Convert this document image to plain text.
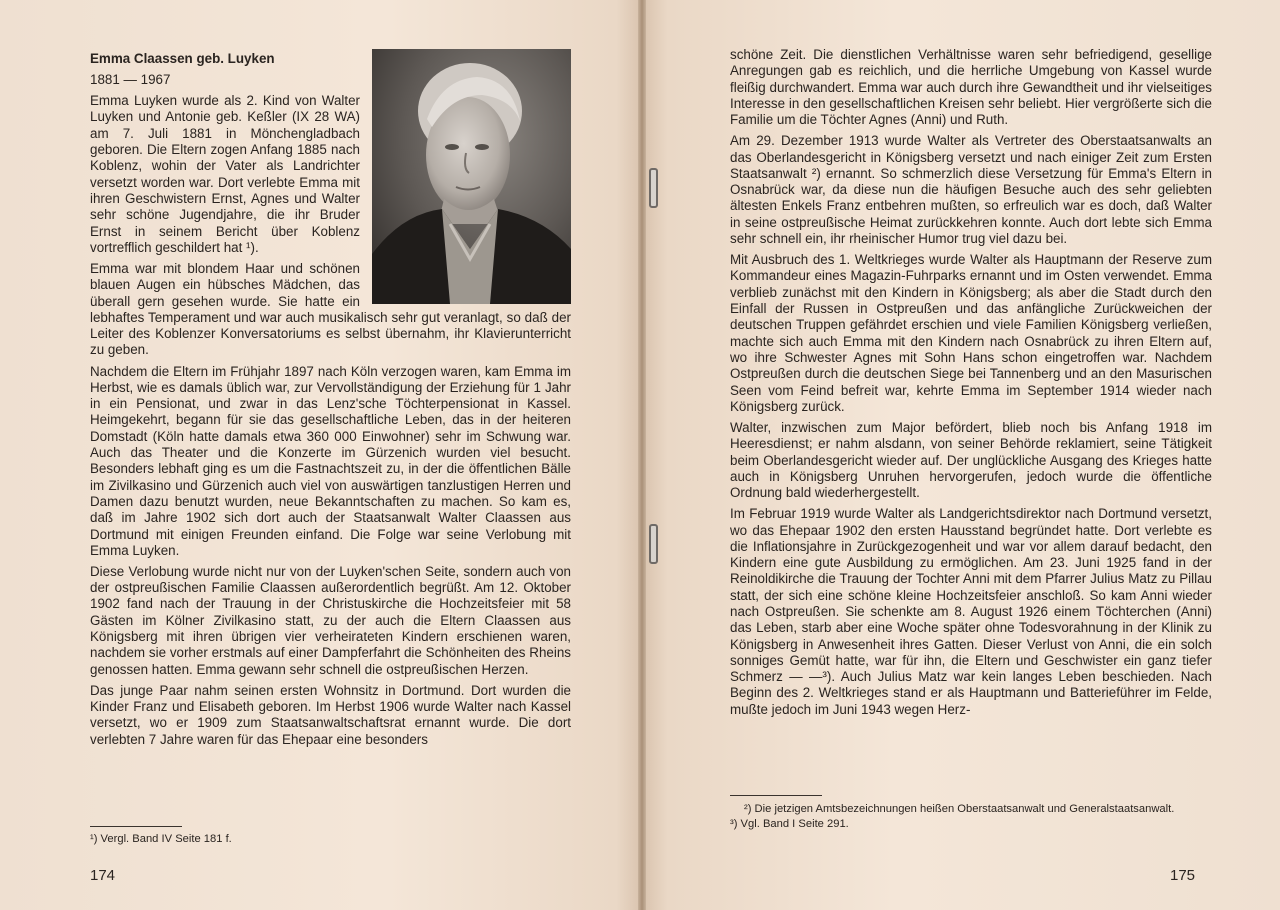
Emma Claassen geb. Luyken

1881 — 1967

Emma Luyken wurde als 2. Kind von Walter Luyken und Antonie geb. Keßler (IX 28 WA) am 7. Juli 1881 in Mönchengladbach geboren. Die Eltern zogen Anfang 1885 nach Koblenz, wohin der Vater als Landrichter versetzt worden war. Dort verlebte Emma mit ihren Geschwistern Ernst, Agnes und Walter sehr schöne Jugendjahre, die ihr Bruder Ernst in seinem Bericht über Koblenz vortrefflich geschildert hat ¹).

Emma war mit blondem Haar und schönen blauen Augen ein hübsches Mädchen, das überall gern gesehen wurde. Sie hatte ein lebhaftes Temperament und war auch musikalisch sehr gut veranlagt, so daß der Leiter des Koblenzer Konversatoriums es selbst übernahm, ihr Klavierunterricht zu geben.

Nachdem die Eltern im Frühjahr 1897 nach Köln verzogen waren, kam Emma im Herbst, wie es damals üblich war, zur Vervollständigung der Erziehung für 1 Jahr in ein Pensionat, und zwar in das Lenz'sche Töchterpensionat in Kassel. Heimgekehrt, begann für sie das gesellschaftliche Leben, das in der heiteren Domstadt (Köln hatte damals etwa 360 000 Einwohner) sehr im Schwung war. Auch das Theater und die Konzerte im Gürzenich wurden viel besucht. Besonders lebhaft ging es um die Fastnachtszeit zu, in der die öffentlichen Bälle im Zivilkasino und Gürzenich auch viel von auswärtigen tanzlustigen Herren und Damen dazu benutzt wurden, neue Bekanntschaften zu machen. So kam es, daß im Jahre 1902 sich dort auch der Staatsanwalt Walter Claassen aus Dortmund mit einigen Freunden einfand. Die Folge war seine Verlobung mit Emma Luyken.

Diese Verlobung wurde nicht nur von der Luyken'schen Seite, sondern auch von der ostpreußischen Familie Claassen außerordentlich begrüßt. Am 12. Oktober 1902 fand nach der Trauung in der Christuskirche die Hochzeitsfeier mit 58 Gästen im Kölner Zivilkasino statt, zu der auch die Eltern Claassen aus Königsberg mit ihren übrigen vier verheirateten Kindern erschienen waren, nachdem sie vorher erstmals auf einer Dampferfahrt die Schönheiten des Rheins genossen hatten. Emma gewann sehr schnell die ostpreußischen Herzen.

Das junge Paar nahm seinen ersten Wohnsitz in Dortmund. Dort wurden die Kinder Franz und Elisabeth geboren. Im Herbst 1906 wurde Walter nach Kassel versetzt, wo er 1909 zum Staatsanwaltschaftsrat ernannt wurde. Die dort verlebten 7 Jahre waren für das Ehepaar eine besonders

¹) Vergl. Band IV Seite 181 f.

174

schöne Zeit. Die dienstlichen Verhältnisse waren sehr befriedigend, gesellige Anregungen gab es reichlich, und die herrliche Umgebung von Kassel wurde fleißig durchwandert. Emma war auch durch ihre Gewandtheit und ihr vielseitiges Interesse in den gesellschaftlichen Kreisen sehr beliebt. Hier vergrößerte sich die Familie um die Töchter Agnes (Anni) und Ruth.

Am 29. Dezember 1913 wurde Walter als Vertreter des Oberstaatsanwalts an das Oberlandesgericht in Königsberg versetzt und nach einiger Zeit zum Ersten Staatsanwalt ²) ernannt. So schmerzlich diese Versetzung für Emma's Eltern in Osnabrück war, da diese nun die häufigen Besuche auch des sehr geliebten ältesten Enkels Franz entbehren mußten, so erfreulich war es doch, daß Walter in seine ostpreußische Heimat zurückkehren konnte. Auch dort lebte sich Emma sehr schnell ein, ihr rheinischer Humor trug viel dazu bei.

Mit Ausbruch des 1. Weltkrieges wurde Walter als Hauptmann der Reserve zum Kommandeur eines Magazin-Fuhrparks ernannt und im Osten verwendet. Emma verblieb zunächst mit den Kindern in Königsberg; als aber die Stadt durch den Einfall der Russen in Ostpreußen und das anfängliche Zurückweichen der deutschen Truppen gefährdet erschien und viele Familien Königsberg verließen, machte sich auch Emma mit den Kindern nach Osnabrück zu ihren Eltern auf, wo ihre Schwester Agnes mit Sohn Hans schon eingetroffen war. Nachdem Ostpreußen durch die deutschen Siege bei Tannenberg und an den Masurischen Seen vom Feind befreit war, kehrte Emma im September 1914 wieder nach Königsberg zurück.

Walter, inzwischen zum Major befördert, blieb noch bis Anfang 1918 im Heeresdienst; er nahm alsdann, von seiner Behörde reklamiert, seine Tätigkeit beim Oberlandesgericht wieder auf. Der unglückliche Ausgang des Krieges hatte auch in Königsberg Unruhen hervorgerufen, jedoch wurde die öffentliche Ordnung bald wiederhergestellt.

Im Februar 1919 wurde Walter als Landgerichtsdirektor nach Dortmund versetzt, wo das Ehepaar 1902 den ersten Hausstand begründet hatte. Dort verlebte es die Inflationsjahre in Zurückgezogenheit und war vor allem darauf bedacht, den Kindern eine gute Ausbildung zu ermöglichen. Am 23. Juni 1925 fand in der Reinoldikirche die Trauung der Tochter Anni mit dem Pfarrer Julius Matz zu Pillau statt, der sich eine schöne kleine Hochzeitsfeier anschloß. So kam Anni wieder nach Ostpreußen. Sie schenkte am 8. August 1926 einem Töchterchen (Anni) das Leben, starb aber eine Woche später ohne Todesvorahnung in der Klinik zu Königsberg in Anwesenheit ihres Gatten. Dieser Verlust von Anni, die ein solch sonniges Gemüt hatte, war für ihn, die Eltern und Geschwister ein ganz tiefer Schmerz — —³). Auch Julius Matz war kein langes Leben beschieden. Nach Beginn des 2. Weltkrieges stand er als Hauptmann und Batterieführer im Felde, mußte jedoch im Juni 1943 wegen Herz-

²) Die jetzigen Amtsbezeichnungen heißen Oberstaatsanwalt und Generalstaatsanwalt.

³) Vgl. Band I Seite 291.

175
